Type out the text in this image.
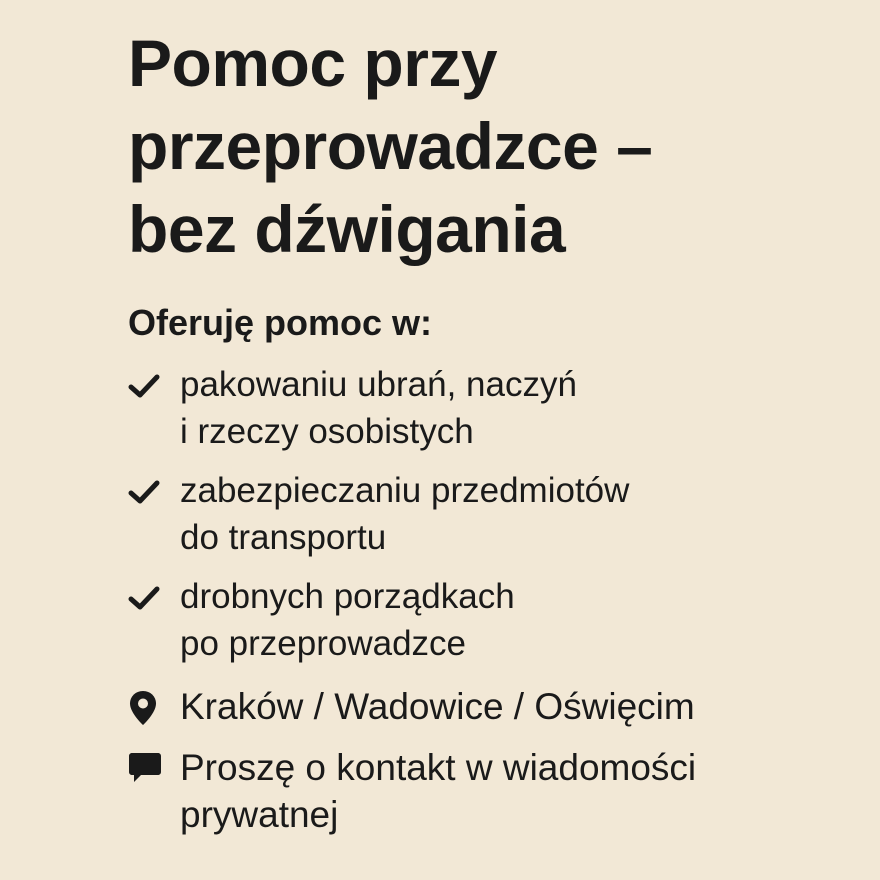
Pomoc przy
przeprowadzce –
bez dźwigania

Oferuję pomoc w:

pakowaniu ubrań, naczyń
i rzeczy osobistych
zabezpieczaniu przedmiotów
do transportu
drobnych porządkach
po przeprowadzce
Kraków / Wadowice / Oświęcim
Proszę o kontakt w wiadomości
prywatnej
